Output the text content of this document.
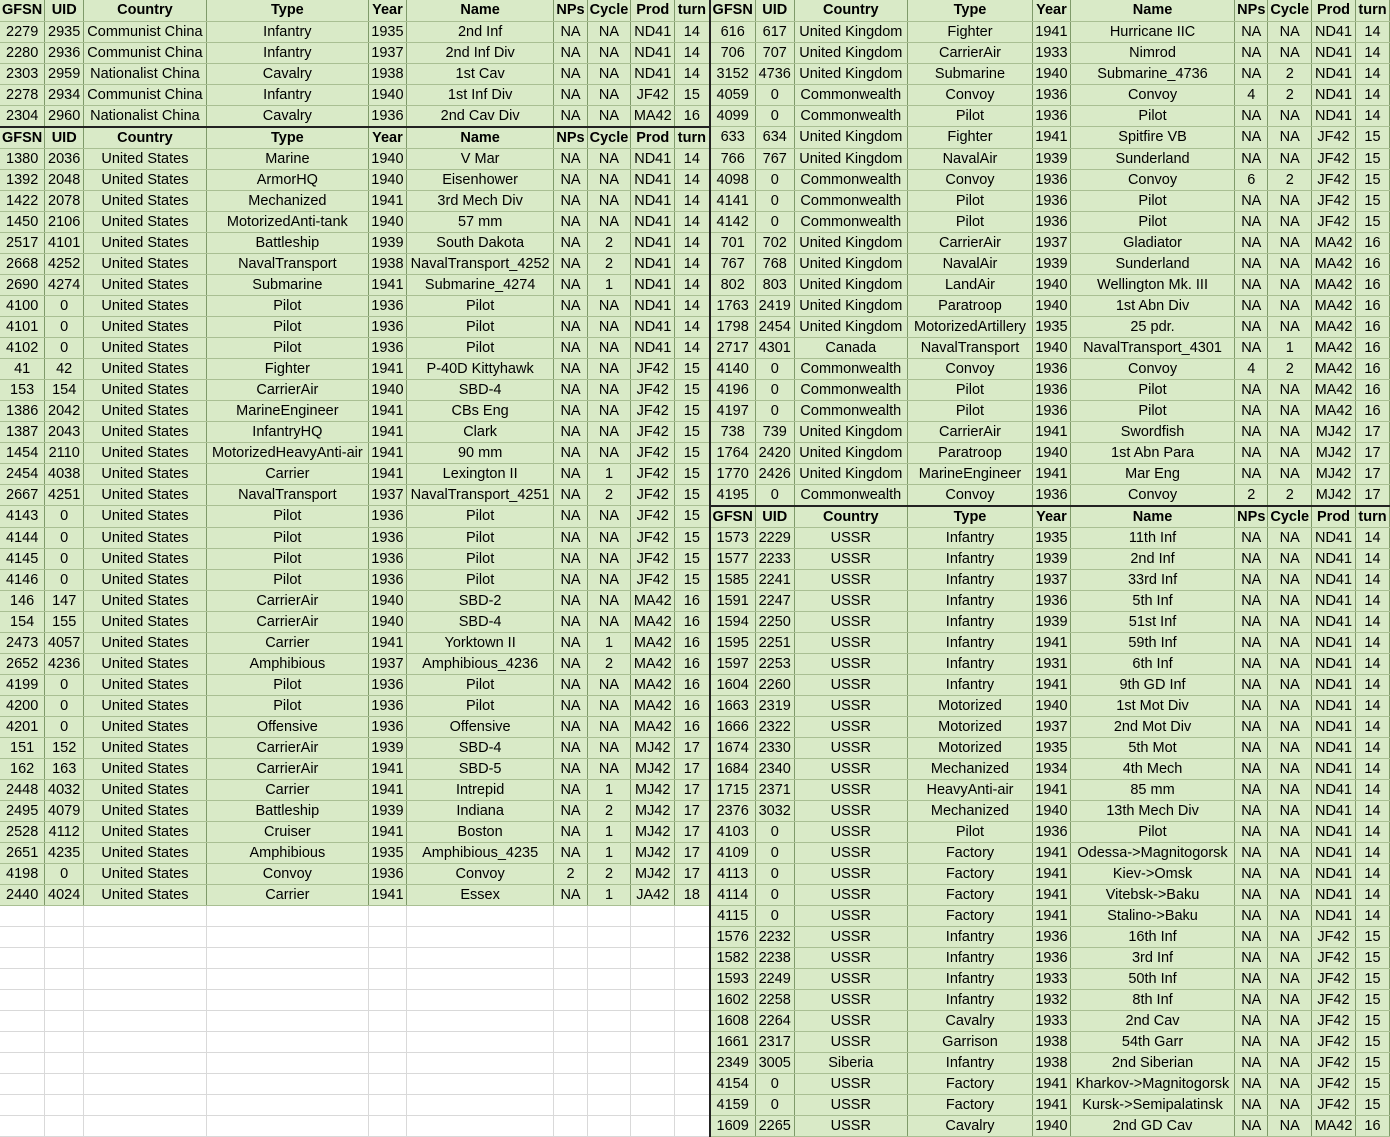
GFSN	UID	Country	Type	Year	Name	NPs	Cycle	Prod	turn	GFSN	UID	Country	Type	Year	Name	NPs	Cycle	Prod	turn
2279	2935	Communist China	Infantry	1935	2nd Inf	NA	NA	ND41	14	616	617	United Kingdom	Fighter	1941	Hurricane IIC	NA	NA	ND41	14
2280	2936	Communist China	Infantry	1937	2nd Inf Div	NA	NA	ND41	14	706	707	United Kingdom	CarrierAir	1933	Nimrod	NA	NA	ND41	14
2303	2959	Nationalist China	Cavalry	1938	1st Cav	NA	NA	ND41	14	3152	4736	United Kingdom	Submarine	1940	Submarine_4736	NA	2	ND41	14
2278	2934	Communist China	Infantry	1940	1st Inf Div	NA	NA	JF42	15	4059	0	Commonwealth	Convoy	1936	Convoy	4	2	ND41	14
2304	2960	Nationalist China	Cavalry	1936	2nd Cav Div	NA	NA	MA42	16	4099	0	Commonwealth	Pilot	1936	Pilot	NA	NA	ND41	14
GFSN	UID	Country	Type	Year	Name	NPs	Cycle	Prod	turn	633	634	United Kingdom	Fighter	1941	Spitfire VB	NA	NA	JF42	15
1380	2036	United States	Marine	1940	V Mar	NA	NA	ND41	14	766	767	United Kingdom	NavalAir	1939	Sunderland	NA	NA	JF42	15
1392	2048	United States	ArmorHQ	1940	Eisenhower	NA	NA	ND41	14	4098	0	Commonwealth	Convoy	1936	Convoy	6	2	JF42	15
1422	2078	United States	Mechanized	1941	3rd Mech Div	NA	NA	ND41	14	4141	0	Commonwealth	Pilot	1936	Pilot	NA	NA	JF42	15
1450	2106	United States	MotorizedAnti-tank	1940	57 mm	NA	NA	ND41	14	4142	0	Commonwealth	Pilot	1936	Pilot	NA	NA	JF42	15
2517	4101	United States	Battleship	1939	South Dakota	NA	2	ND41	14	701	702	United Kingdom	CarrierAir	1937	Gladiator	NA	NA	MA42	16
2668	4252	United States	NavalTransport	1938	NavalTransport_4252	NA	2	ND41	14	767	768	United Kingdom	NavalAir	1939	Sunderland	NA	NA	MA42	16
2690	4274	United States	Submarine	1941	Submarine_4274	NA	1	ND41	14	802	803	United Kingdom	LandAir	1940	Wellington Mk. III	NA	NA	MA42	16
4100	0	United States	Pilot	1936	Pilot	NA	NA	ND41	14	1763	2419	United Kingdom	Paratroop	1940	1st Abn Div	NA	NA	MA42	16
4101	0	United States	Pilot	1936	Pilot	NA	NA	ND41	14	1798	2454	United Kingdom	MotorizedArtillery	1935	25 pdr.	NA	NA	MA42	16
4102	0	United States	Pilot	1936	Pilot	NA	NA	ND41	14	2717	4301	Canada	NavalTransport	1940	NavalTransport_4301	NA	1	MA42	16
41	42	United States	Fighter	1941	P-40D Kittyhawk	NA	NA	JF42	15	4140	0	Commonwealth	Convoy	1936	Convoy	4	2	MA42	16
153	154	United States	CarrierAir	1940	SBD-4	NA	NA	JF42	15	4196	0	Commonwealth	Pilot	1936	Pilot	NA	NA	MA42	16
1386	2042	United States	MarineEngineer	1941	CBs Eng	NA	NA	JF42	15	4197	0	Commonwealth	Pilot	1936	Pilot	NA	NA	MA42	16
1387	2043	United States	InfantryHQ	1941	Clark	NA	NA	JF42	15	738	739	United Kingdom	CarrierAir	1941	Swordfish	NA	NA	MJ42	17
1454	2110	United States	MotorizedHeavyAnti-air	1941	90 mm	NA	NA	JF42	15	1764	2420	United Kingdom	Paratroop	1940	1st Abn Para	NA	NA	MJ42	17
2454	4038	United States	Carrier	1941	Lexington II	NA	1	JF42	15	1770	2426	United Kingdom	MarineEngineer	1941	Mar Eng	NA	NA	MJ42	17
2667	4251	United States	NavalTransport	1937	NavalTransport_4251	NA	2	JF42	15	4195	0	Commonwealth	Convoy	1936	Convoy	2	2	MJ42	17
4143	0	United States	Pilot	1936	Pilot	NA	NA	JF42	15	GFSN	UID	Country	Type	Year	Name	NPs	Cycle	Prod	turn
4144	0	United States	Pilot	1936	Pilot	NA	NA	JF42	15	1573	2229	USSR	Infantry	1935	11th Inf	NA	NA	ND41	14
4145	0	United States	Pilot	1936	Pilot	NA	NA	JF42	15	1577	2233	USSR	Infantry	1939	2nd Inf	NA	NA	ND41	14
4146	0	United States	Pilot	1936	Pilot	NA	NA	JF42	15	1585	2241	USSR	Infantry	1937	33rd Inf	NA	NA	ND41	14
146	147	United States	CarrierAir	1940	SBD-2	NA	NA	MA42	16	1591	2247	USSR	Infantry	1936	5th Inf	NA	NA	ND41	14
154	155	United States	CarrierAir	1940	SBD-4	NA	NA	MA42	16	1594	2250	USSR	Infantry	1939	51st Inf	NA	NA	ND41	14
2473	4057	United States	Carrier	1941	Yorktown II	NA	1	MA42	16	1595	2251	USSR	Infantry	1941	59th Inf	NA	NA	ND41	14
2652	4236	United States	Amphibious	1937	Amphibious_4236	NA	2	MA42	16	1597	2253	USSR	Infantry	1931	6th Inf	NA	NA	ND41	14
4199	0	United States	Pilot	1936	Pilot	NA	NA	MA42	16	1604	2260	USSR	Infantry	1941	9th GD Inf	NA	NA	ND41	14
4200	0	United States	Pilot	1936	Pilot	NA	NA	MA42	16	1663	2319	USSR	Motorized	1940	1st Mot Div	NA	NA	ND41	14
4201	0	United States	Offensive	1936	Offensive	NA	NA	MA42	16	1666	2322	USSR	Motorized	1937	2nd Mot Div	NA	NA	ND41	14
151	152	United States	CarrierAir	1939	SBD-4	NA	NA	MJ42	17	1674	2330	USSR	Motorized	1935	5th Mot	NA	NA	ND41	14
162	163	United States	CarrierAir	1941	SBD-5	NA	NA	MJ42	17	1684	2340	USSR	Mechanized	1934	4th Mech	NA	NA	ND41	14
2448	4032	United States	Carrier	1941	Intrepid	NA	1	MJ42	17	1715	2371	USSR	HeavyAnti-air	1941	85 mm	NA	NA	ND41	14
2495	4079	United States	Battleship	1939	Indiana	NA	2	MJ42	17	2376	3032	USSR	Mechanized	1940	13th Mech Div	NA	NA	ND41	14
2528	4112	United States	Cruiser	1941	Boston	NA	1	MJ42	17	4103	0	USSR	Pilot	1936	Pilot	NA	NA	ND41	14
2651	4235	United States	Amphibious	1935	Amphibious_4235	NA	1	MJ42	17	4109	0	USSR	Factory	1941	Odessa->Magnitogorsk	NA	NA	ND41	14
4198	0	United States	Convoy	1936	Convoy	2	2	MJ42	17	4113	0	USSR	Factory	1941	Kiev->Omsk	NA	NA	ND41	14
2440	4024	United States	Carrier	1941	Essex	NA	1	JA42	18	4114	0	USSR	Factory	1941	Vitebsk->Baku	NA	NA	ND41	14
										4115	0	USSR	Factory	1941	Stalino->Baku	NA	NA	ND41	14
										1576	2232	USSR	Infantry	1936	16th Inf	NA	NA	JF42	15
										1582	2238	USSR	Infantry	1936	3rd Inf	NA	NA	JF42	15
										1593	2249	USSR	Infantry	1933	50th Inf	NA	NA	JF42	15
										1602	2258	USSR	Infantry	1932	8th Inf	NA	NA	JF42	15
										1608	2264	USSR	Cavalry	1933	2nd Cav	NA	NA	JF42	15
										1661	2317	USSR	Garrison	1938	54th Garr	NA	NA	JF42	15
										2349	3005	Siberia	Infantry	1938	2nd Siberian	NA	NA	JF42	15
										4154	0	USSR	Factory	1941	Kharkov->Magnitogorsk	NA	NA	JF42	15
										4159	0	USSR	Factory	1941	Kursk->Semipalatinsk	NA	NA	JF42	15
										1609	2265	USSR	Cavalry	1940	2nd GD Cav	NA	NA	MA42	16
